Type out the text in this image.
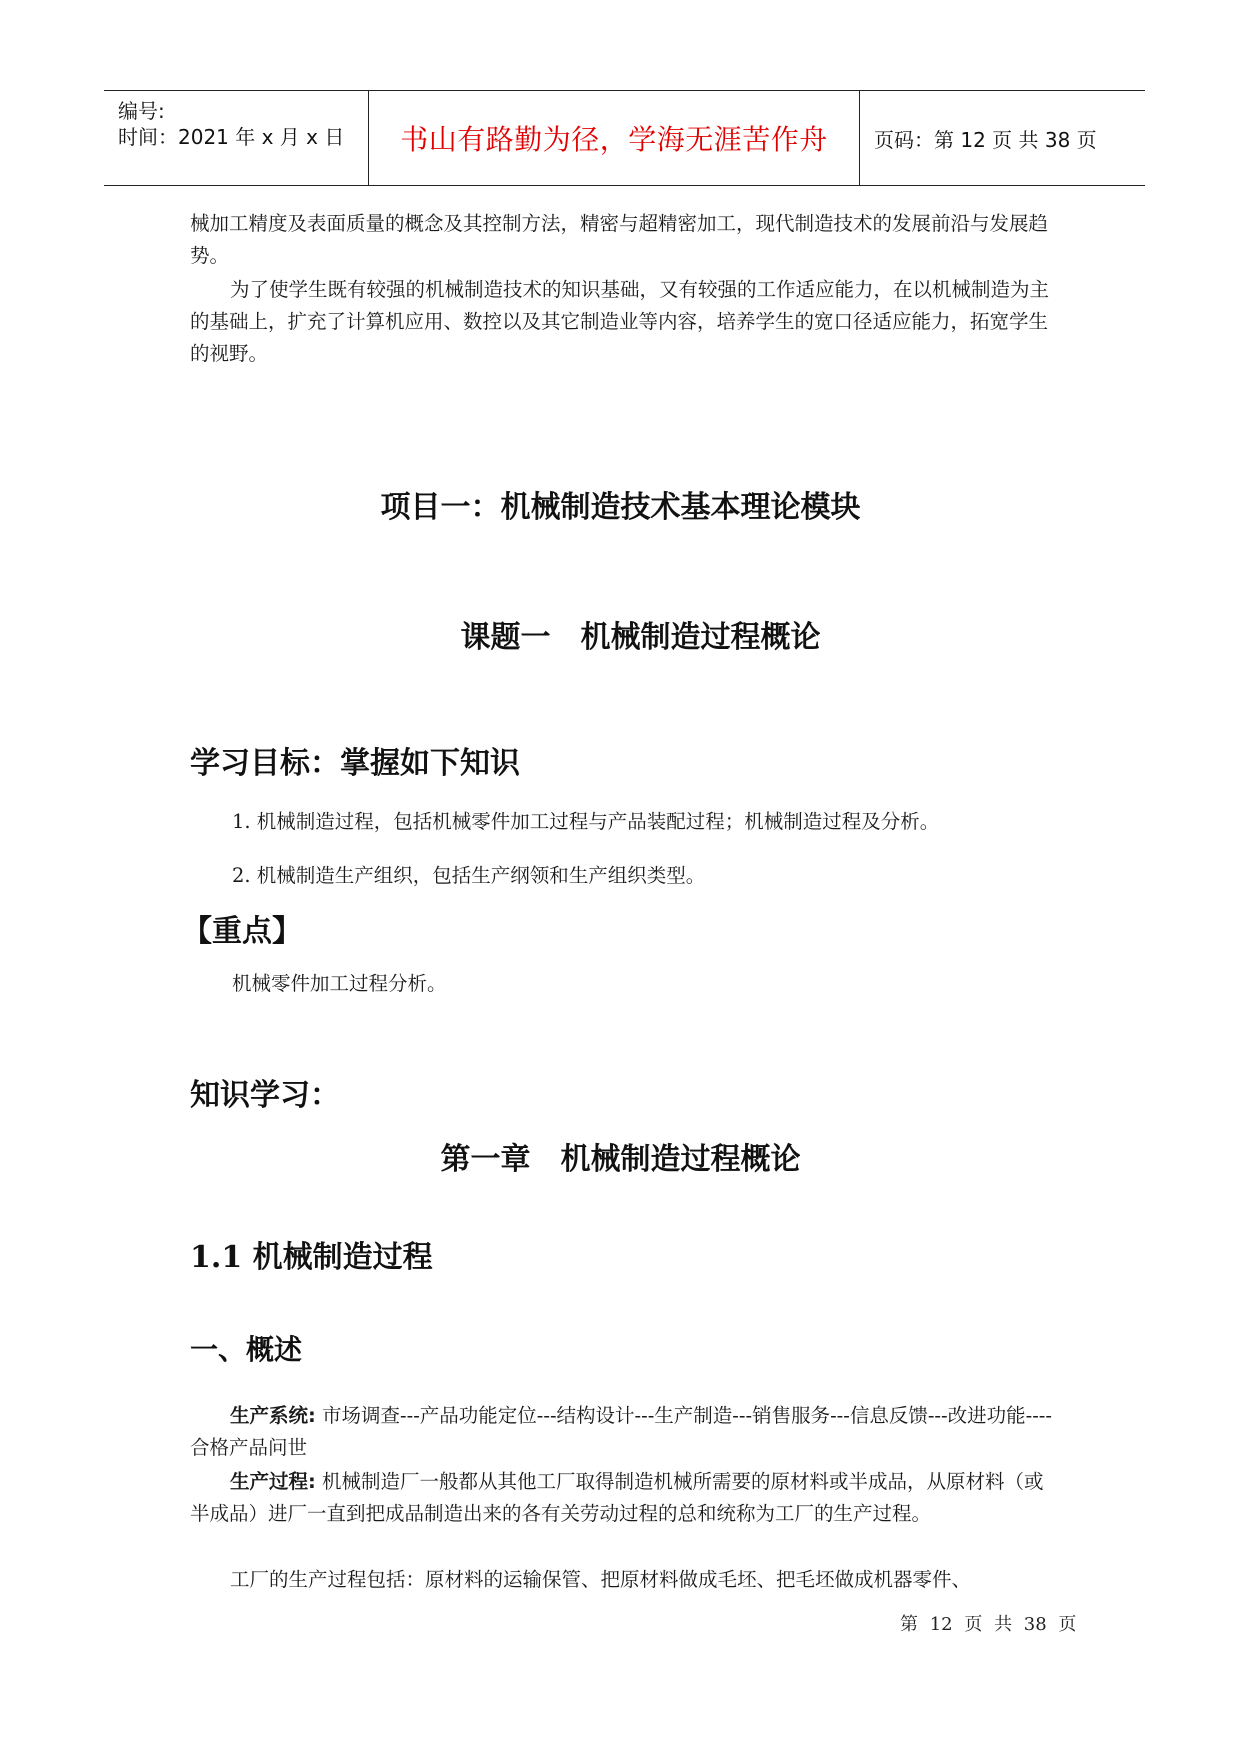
编号:
时间：2021 年 x 月 x 日	书山有路勤为径，学海无涯苦作舟	页码：第 12 页 共 38 页
械加工精度及表面质量的概念及其控制方法，精密与超精密加工，现代制造技术的发展前沿与发展趋势。
为了使学生既有较强的机械制造技术的知识基础，又有较强的工作适应能力，在以机械制造为主的基础上，扩充了计算机应用、数控以及其它制造业等内容，培养学生的宽口径适应能力，拓宽学生的视野。
项目一：机械制造技术基本理论模块
课题一　机械制造过程概论
学习目标：掌握如下知识
1. 机械制造过程，包括机械零件加工过程与产品装配过程；机械制造过程及分析。
2. 机械制造生产组织，包括生产纲领和生产组织类型。
【重点】
机械零件加工过程分析。
知识学习：
第一章　机械制造过程概论
1.1 机械制造过程
一、概述
生产系统: 市场调查---产品功能定位---结构设计---生产制造---销售服务---信息反馈---改进功能----合格产品问世
生产过程: 机械制造厂一般都从其他工厂取得制造机械所需要的原材料或半成品，从原材料（或半成品）进厂一直到把成品制造出来的各有关劳动过程的总和统称为工厂的生产过程。
工厂的生产过程包括：原材料的运输保管、把原材料做成毛坯、把毛坯做成机器零件、
第 12 页 共 38 页
